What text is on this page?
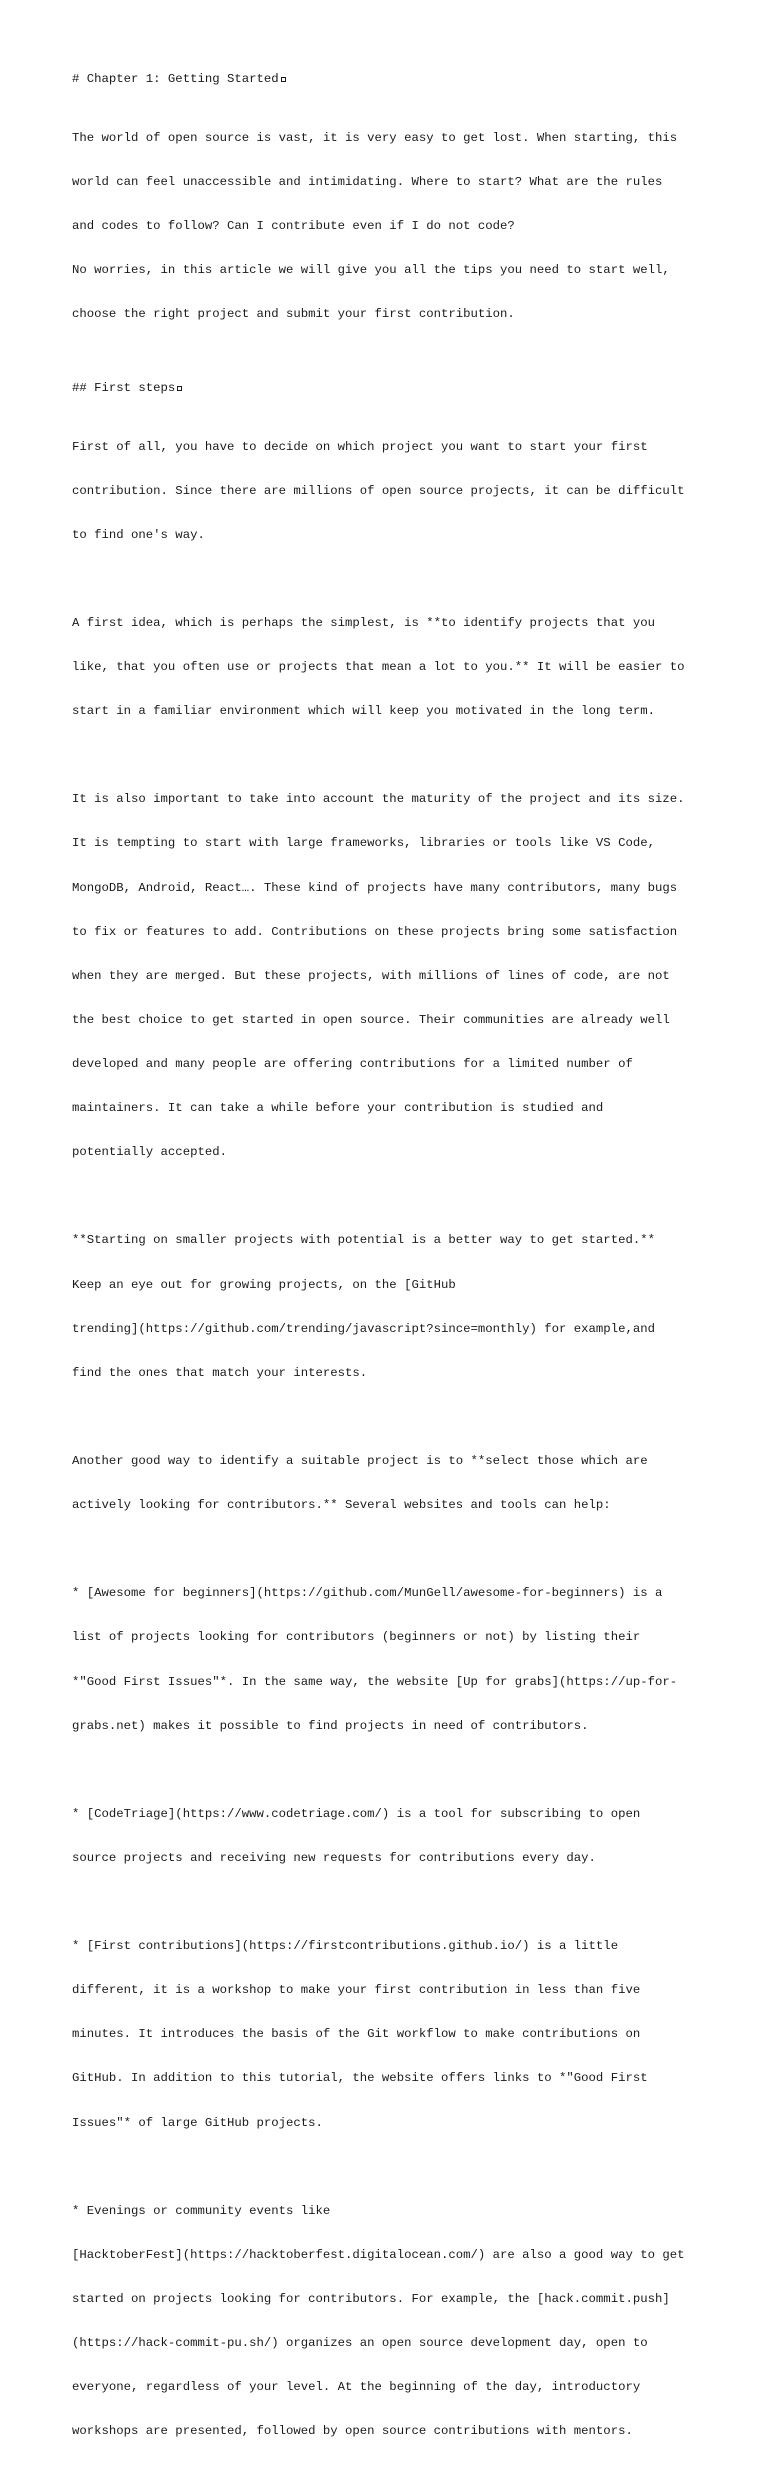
# Chapter 1: Getting Started

The world of open source is vast, it is very easy to get lost. When starting, this

world can feel unaccessible and intimidating. Where to start? What are the rules

and codes to follow? Can I contribute even if I do not code?

No worries, in this article we will give you all the tips you need to start well,

choose the right project and submit your first contribution.

## First steps

First of all, you have to decide on which project you want to start your first

contribution. Since there are millions of open source projects, it can be difficult

to find one's way.

A first idea, which is perhaps the simplest, is **to identify projects that you

like, that you often use or projects that mean a lot to you.** It will be easier to

start in a familiar environment which will keep you motivated in the long term.

It is also important to take into account the maturity of the project and its size.

It is tempting to start with large frameworks, libraries or tools like VS Code,

MongoDB, Android, React…. These kind of projects have many contributors, many bugs

to fix or features to add. Contributions on these projects bring some satisfaction

when they are merged. But these projects, with millions of lines of code, are not

the best choice to get started in open source. Their communities are already well

developed and many people are offering contributions for a limited number of

maintainers. It can take a while before your contribution is studied and

potentially accepted.

**Starting on smaller projects with potential is a better way to get started.**

Keep an eye out for growing projects, on the [GitHub

trending](https://github.com/trending/javascript?since=monthly) for example,and

find the ones that match your interests.

Another good way to identify a suitable project is to **select those which are

actively looking for contributors.** Several websites and tools can help:

* [Awesome for beginners](https://github.com/MunGell/awesome-for-beginners) is a

list of projects looking for contributors (beginners or not) by listing their

*"Good First Issues"*. In the same way, the website [Up for grabs](https://up-for-

grabs.net) makes it possible to find projects in need of contributors.

* [CodeTriage](https://www.codetriage.com/) is a tool for subscribing to open

source projects and receiving new requests for contributions every day.

* [First contributions](https://firstcontributions.github.io/) is a little

different, it is a workshop to make your first contribution in less than five

minutes. It introduces the basis of the Git workflow to make contributions on

GitHub. In addition to this tutorial, the website offers links to *"Good First

Issues"* of large GitHub projects.

* Evenings or community events like

[HacktoberFest](https://hacktoberfest.digitalocean.com/) are also a good way to get

started on projects looking for contributors. For example, the [hack.commit.push]

(https://hack-commit-pu.sh/) organizes an open source development day, open to

everyone, regardless of your level. At the beginning of the day, introductory

workshops are presented, followed by open source contributions with mentors.
